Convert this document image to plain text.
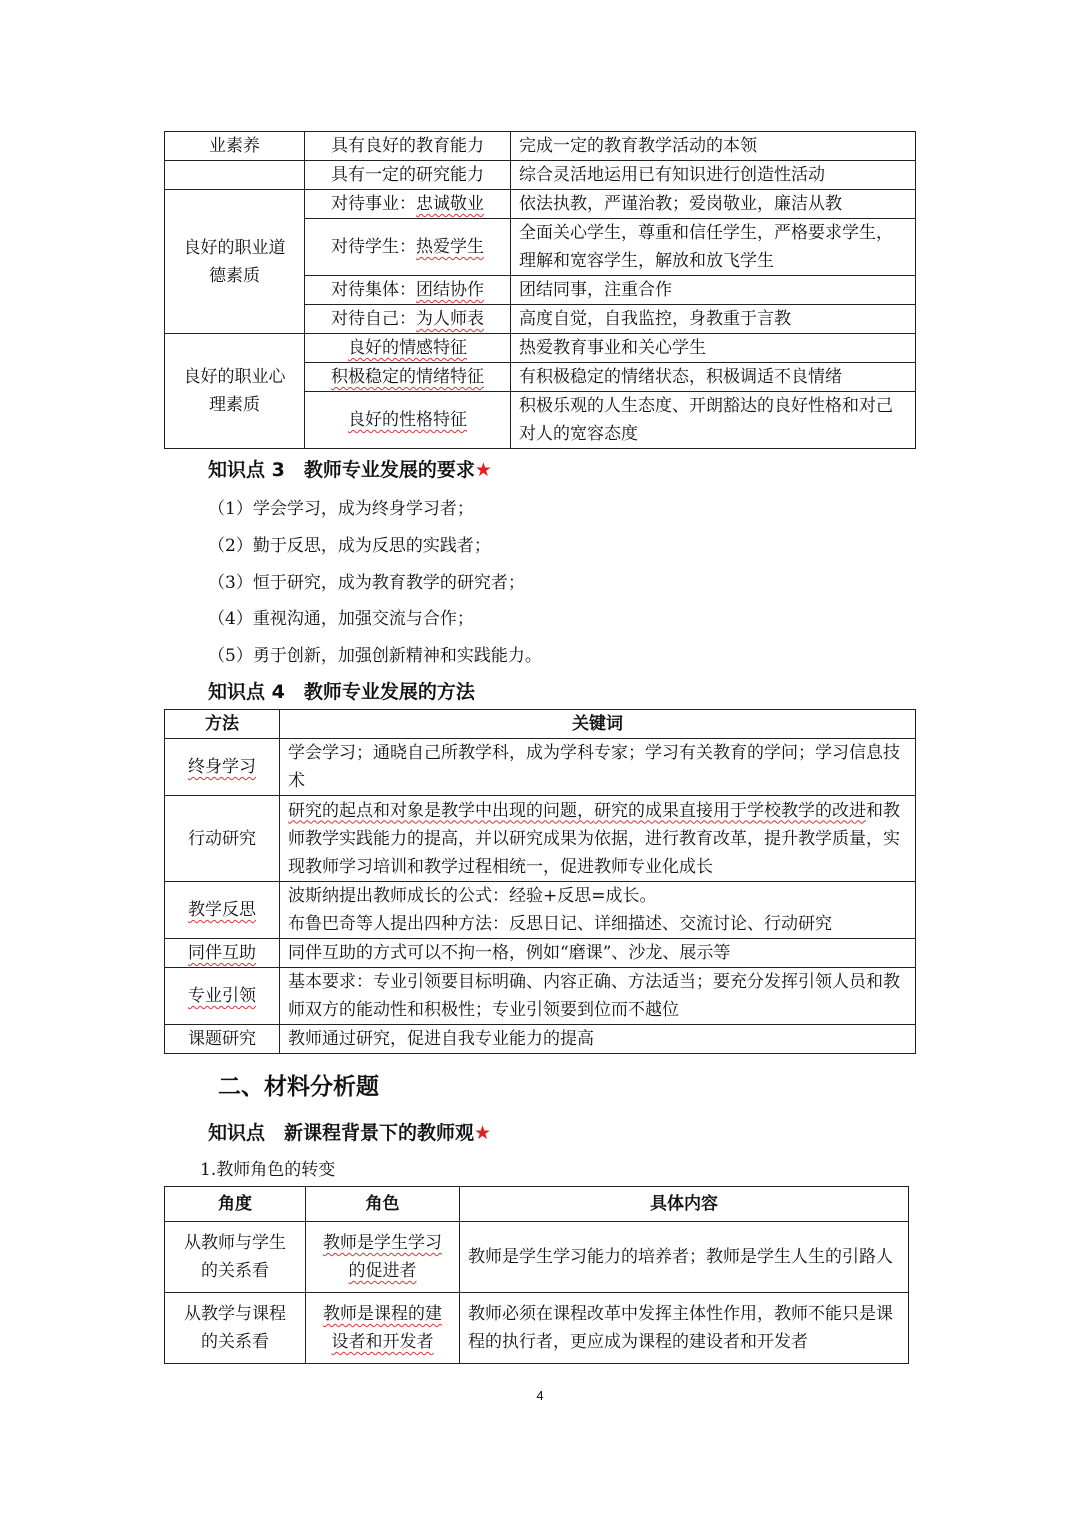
业素养	具有良好的教育能力	完成一定的教育教学活动的本领
	具有一定的研究能力	综合灵活地运用已有知识进行创造性活动
良好的职业道德素质	对待事业：忠诚敬业	依法执教，严谨治教；爱岗敬业，廉洁从教
	对待学生：热爱学生	全面关心学生，尊重和信任学生，严格要求学生，理解和宽容学生，解放和放飞学生
	对待集体：团结协作	团结同事，注重合作
	对待自己：为人师表	高度自觉，自我监控，身教重于言教
良好的职业心理素质	良好的情感特征	热爱教育事业和关心学生
	积极稳定的情绪特征	有积极稳定的情绪状态，积极调适不良情绪
	良好的性格特征	积极乐观的人生态度、开朗豁达的良好性格和对己对人的宽容态度
知识点 3　教师专业发展的要求★
（1）学会学习，成为终身学习者；
（2）勤于反思，成为反思的实践者；
（3）恒于研究，成为教育教学的研究者；
（4）重视沟通，加强交流与合作；
（5）勇于创新，加强创新精神和实践能力。
知识点 4　教师专业发展的方法
方法	关键词
终身学习	学会学习；通晓自己所教学科，成为学科专家；学习有关教育的学问；学习信息技术
行动研究	研究的起点和对象是教学中出现的问题，研究的成果直接用于学校教学的改进和教师教学实践能力的提高，并以研究成果为依据，进行教育改革，提升教学质量，实现教师学习培训和教学过程相统一，促进教师专业化成长
教学反思	波斯纳提出教师成长的公式：经验+反思=成长。
布鲁巴奇等人提出四种方法：反思日记、详细描述、交流讨论、行动研究

同伴互助	同伴互助的方式可以不拘一格，例如“磨课”、沙龙、展示等
专业引领	基本要求：专业引领要目标明确、内容正确、方法适当；要充分发挥引领人员和教师双方的能动性和积极性；专业引领要到位而不越位
课题研究	教师通过研究，促进自我专业能力的提高
二、材料分析题
知识点　新课程背景下的教师观★
1.教师角色的转变
角度	角色	具体内容
从教师与学生的关系看	教师是学生学习的促进者	教师是学生学习能力的培养者；教师是学生人生的引路人
从教学与课程的关系看	教师是课程的建设者和开发者	教师必须在课程改革中发挥主体性作用，教师不能只是课程的执行者，更应成为课程的建设者和开发者
4
